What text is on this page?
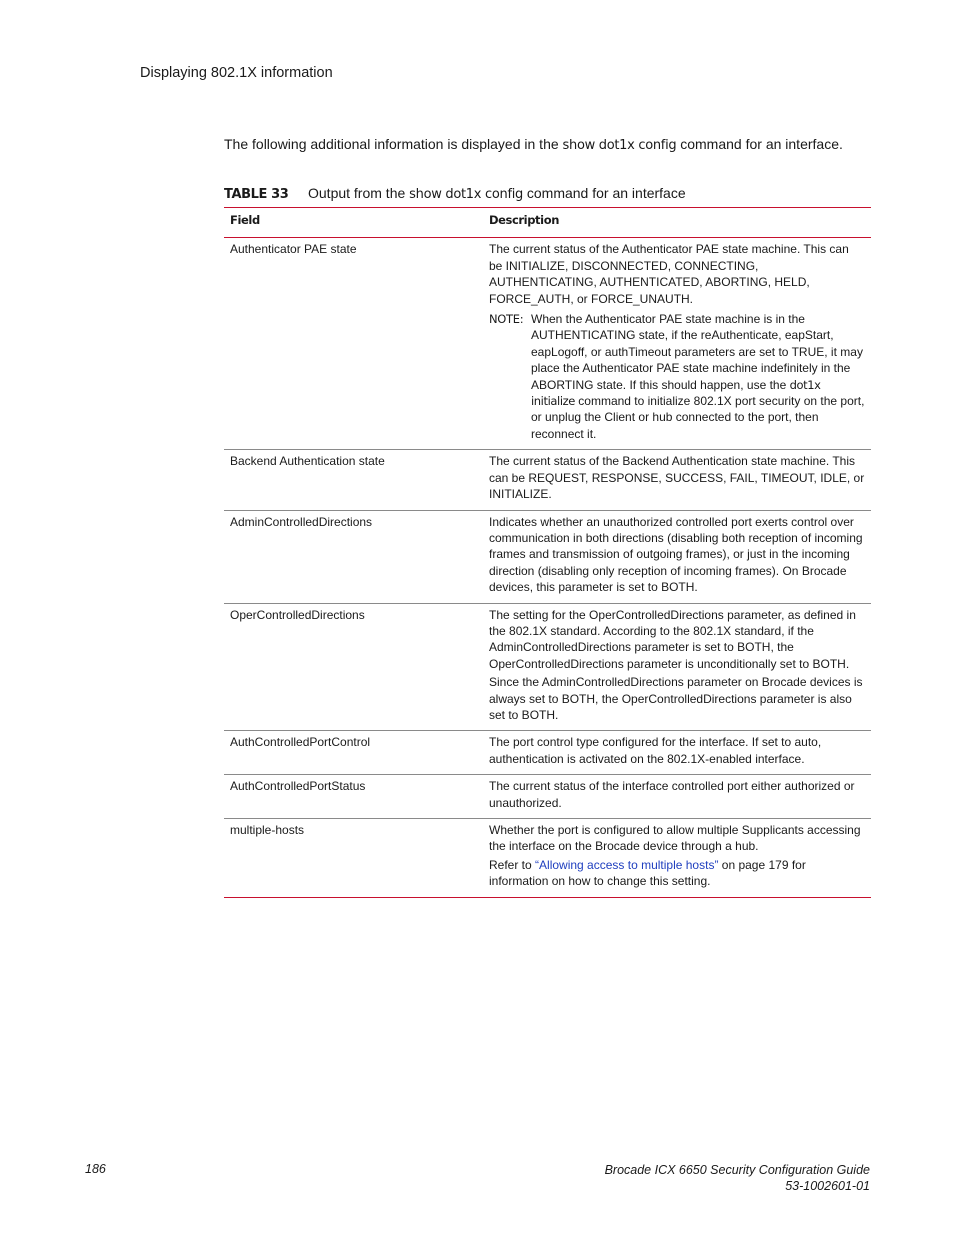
Displaying 802.1X information
The following additional information is displayed in the show dot1x config command for an interface.
TABLE 33 Output from the show dot1x config command for an interface
Field	Description
Authenticator PAE state	The current status of the Authenticator PAE state machine. This can be INITIALIZE, DISCONNECTED, CONNECTING, AUTHENTICATING, AUTHENTICATED, ABORTING, HELD, FORCE_AUTH, or FORCE_UNAUTH.
NOTE: When the Authenticator PAE state machine is in the AUTHENTICATING state, if the reAuthenticate, eapStart, eapLogoff, or authTimeout parameters are set to TRUE, it may place the Authenticator PAE state machine indefinitely in the ABORTING state. If this should happen, use the dot1x initialize command to initialize 802.1X port security on the port, or unplug the Client or hub connected to the port, then reconnect it.

Backend Authentication state	The current status of the Backend Authentication state machine. This can be REQUEST, RESPONSE, SUCCESS, FAIL, TIMEOUT, IDLE, or INITIALIZE.
AdminControlledDirections	Indicates whether an unauthorized controlled port exerts control over communication in both directions (disabling both reception of incoming frames and transmission of outgoing frames), or just in the incoming direction (disabling only reception of incoming frames). On Brocade devices, this parameter is set to BOTH.
OperControlledDirections	The setting for the OperControlledDirections parameter, as defined in the 802.1X standard. According to the 802.1X standard, if the AdminControlledDirections parameter is set to BOTH, the OperControlledDirections parameter is unconditionally set to BOTH.
Since the AdminControlledDirections parameter on Brocade devices is always set to BOTH, the OperControlledDirections parameter is also set to BOTH.

AuthControlledPortControl	The port control type configured for the interface. If set to auto, authentication is activated on the 802.1X-enabled interface.
AuthControlledPortStatus	The current status of the interface controlled port either authorized or unauthorized.
multiple-hosts	Whether the port is configured to allow multiple Supplicants accessing the interface on the Brocade device through a hub.
Refer to “Allowing access to multiple hosts” on page 179 for information on how to change this setting.
186	Brocade ICX 6650 Security Configuration Guide
53-1002601-01
